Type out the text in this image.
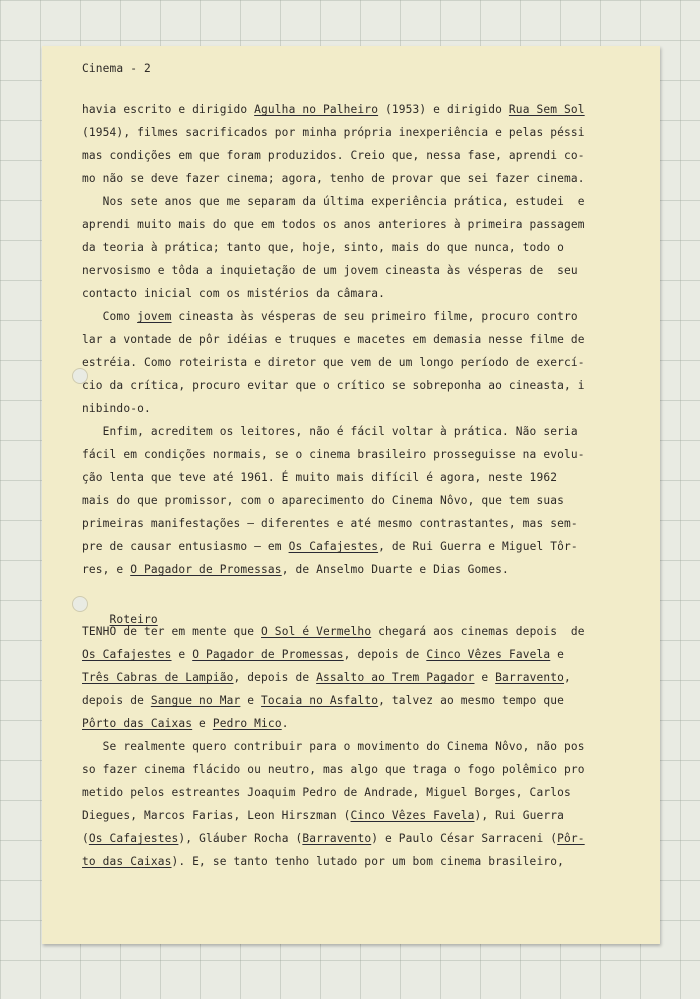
Cinema - 2
havia escrito e dirigido Agulha no Palheiro (1953) e dirigido Rua Sem Sol
(1954), filmes sacrificados por minha própria inexperiência e pelas péssi
mas condições em que foram produzidos. Creio que, nessa fase, aprendi co-
mo não se deve fazer cinema; agora, tenho de provar que sei fazer cinema.
Nos sete anos que me separam da última experiência prática, estudei  e
aprendi muito mais do que em todos os anos anteriores à primeira passagem
da teoria à prática; tanto que, hoje, sinto, mais do que nunca, todo o
nervosismo e tôda a inquietação de um jovem cineasta às vésperas de  seu
contacto inicial com os mistérios da câmara.
Como jovem cineasta às vésperas de seu primeiro filme, procuro contro
lar a vontade de pôr idéias e truques e macetes em demasia nesse filme de
estréia. Como roteirista e diretor que vem de um longo período de exercí-
cio da crítica, procuro evitar que o crítico se sobreponha ao cineasta, i
nibindo-o.
Enfim, acreditem os leitores, não é fácil voltar à prática. Não seria
fácil em condições normais, se o cinema brasileiro prosseguisse na evolu-
ção lenta que teve até 1961. É muito mais difícil é agora, neste 1962
mais do que promissor, com o aparecimento do Cinema Nôvo, que tem suas
primeiras manifestações — diferentes e até mesmo contrastantes, mas sem-
pre de causar entusiasmo — em Os Cafajestes, de Rui Guerra e Miguel Tôr-
res, e O Pagador de Promessas, de Anselmo Duarte e Dias Gomes.

Roteiro

TENHO de ter em mente que O Sol é Vermelho chegará aos cinemas depois  de
Os Cafajestes e O Pagador de Promessas, depois de Cinco Vêzes Favela e
Três Cabras de Lampião, depois de Assalto ao Trem Pagador e Barravento,
depois de Sangue no Mar e Tocaia no Asfalto, talvez ao mesmo tempo que
Pôrto das Caixas e Pedro Mico.
Se realmente quero contribuir para o movimento do Cinema Nôvo, não pos
so fazer cinema flácido ou neutro, mas algo que traga o fogo polêmico pro
metido pelos estreantes Joaquim Pedro de Andrade, Miguel Borges, Carlos
Diegues, Marcos Farias, Leon Hirszman (Cinco Vêzes Favela), Rui Guerra
(Os Cafajestes), Gláuber Rocha (Barravento) e Paulo César Sarraceni (Pôr-
to das Caixas). E, se tanto tenho lutado por um bom cinema brasileiro,
